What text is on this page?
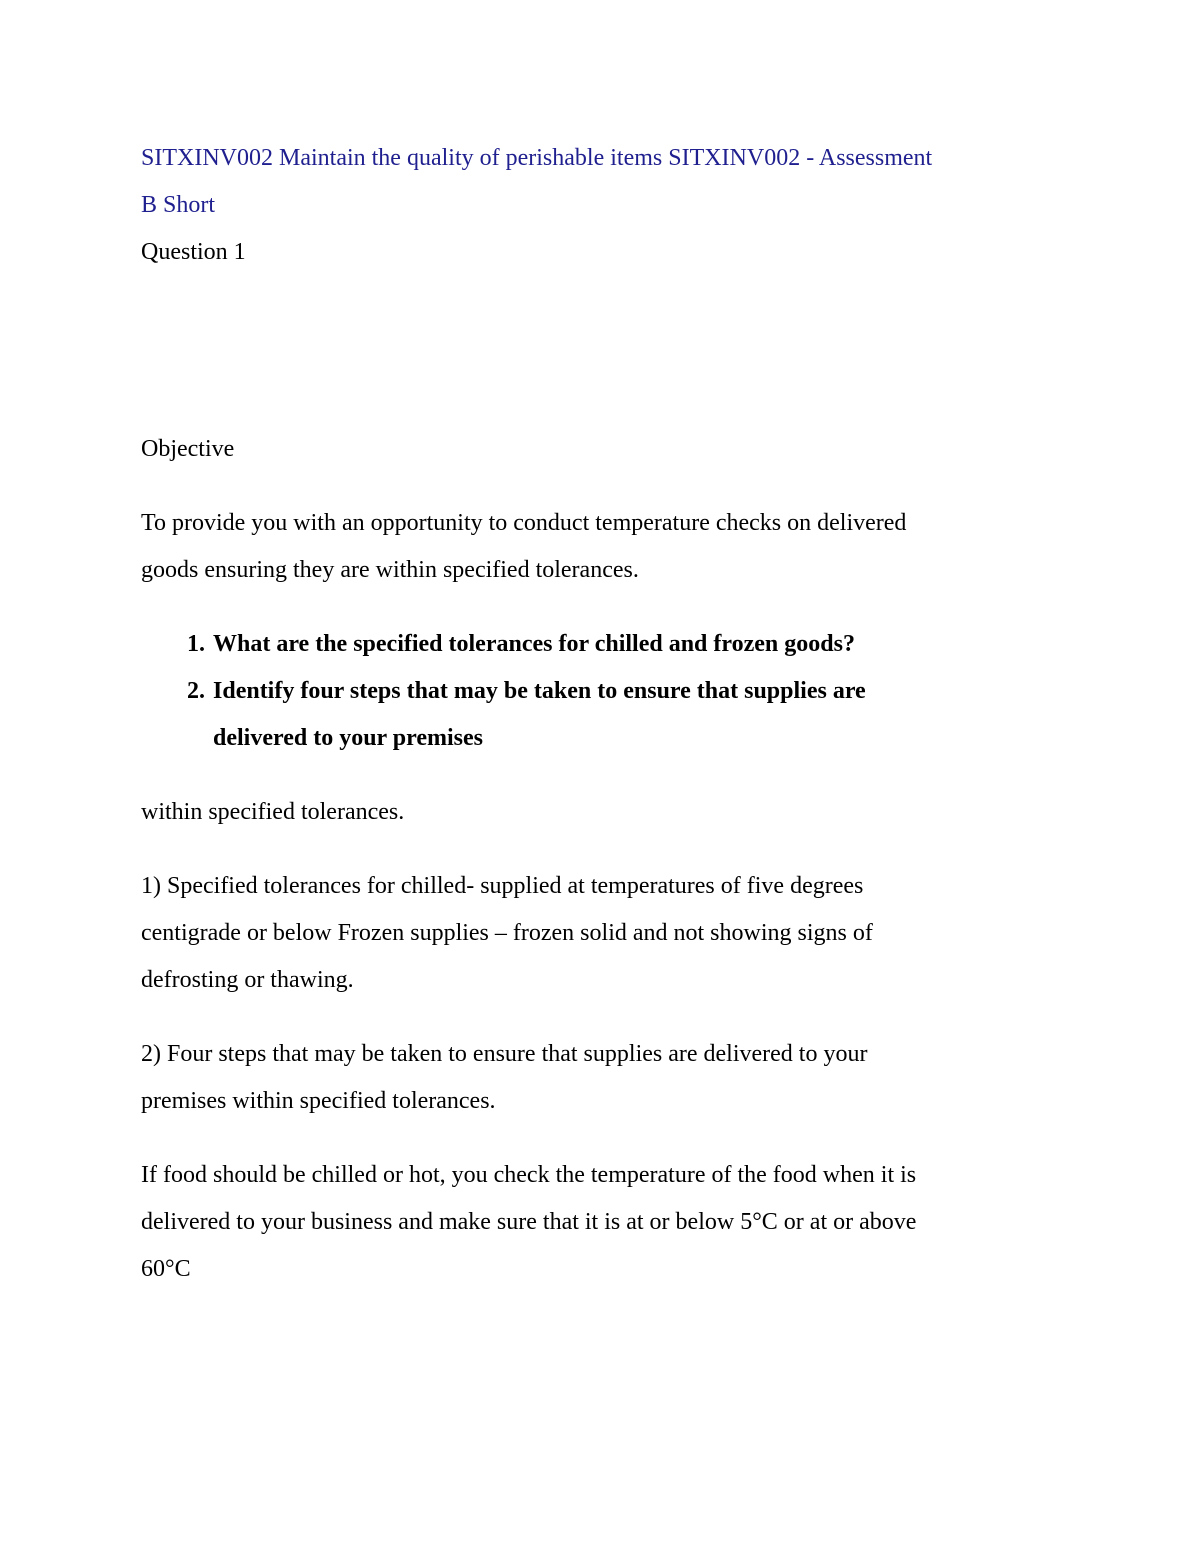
SITXINV002 Maintain the quality of perishable items SITXINV002 - Assessment
B Short

Question 1

Objective

To provide you with an opportunity to conduct temperature checks on delivered
goods ensuring they are within specified tolerances.

1. What are the specified tolerances for chilled and frozen goods?
2. Identify four steps that may be taken to ensure that supplies are
delivered to your premises

within specified tolerances.

1) Specified tolerances for chilled- supplied at temperatures of five degrees
centigrade or below Frozen supplies – frozen solid and not showing signs of
defrosting or thawing.

2) Four steps that may be taken to ensure that supplies are delivered to your
premises within specified tolerances.

If food should be chilled or hot, you check the temperature of the food when it is
delivered to your business and make sure that it is at or below 5°C or at or above
60°C
